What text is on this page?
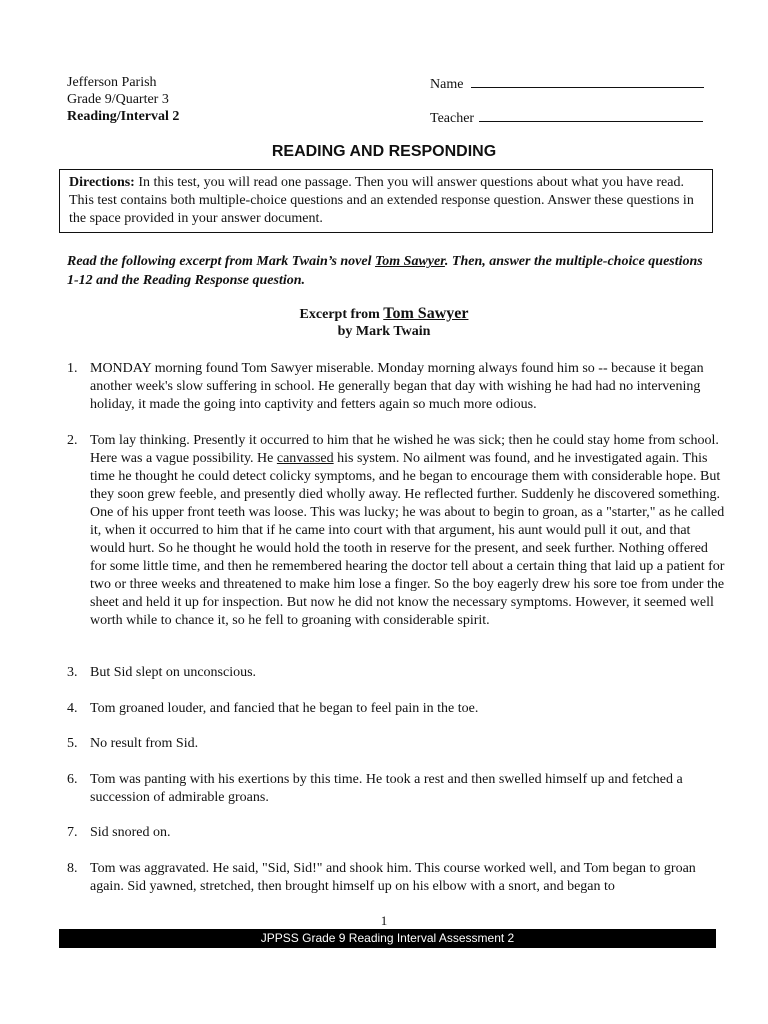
Jefferson Parish
Grade 9/Quarter 3
Reading/Interval 2
Name
Teacher
READING AND RESPONDING
Directions: In this test, you will read one passage. Then you will answer questions about what you have read. This test contains both multiple-choice questions and an extended response question. Answer these questions in the space provided in your answer document.
Read the following excerpt from Mark Twain’s novel Tom Sawyer. Then, answer the multiple-choice questions 1-12 and the Reading Response question.
Excerpt from Tom Sawyer
by Mark Twain
1. MONDAY morning found Tom Sawyer miserable. Monday morning always found him so -- because it began another week's slow suffering in school. He generally began that day with wishing he had had no intervening holiday, it made the going into captivity and fetters again so much more odious.
2. Tom lay thinking. Presently it occurred to him that he wished he was sick; then he could stay home from school. Here was a vague possibility. He canvassed his system. No ailment was found, and he investigated again. This time he thought he could detect colicky symptoms, and he began to encourage them with considerable hope. But they soon grew feeble, and presently died wholly away. He reflected further. Suddenly he discovered something. One of his upper front teeth was loose. This was lucky; he was about to begin to groan, as a "starter," as he called it, when it occurred to him that if he came into court with that argument, his aunt would pull it out, and that would hurt. So he thought he would hold the tooth in reserve for the present, and seek further. Nothing offered for some little time, and then he remembered hearing the doctor tell about a certain thing that laid up a patient for two or three weeks and threatened to make him lose a finger. So the boy eagerly drew his sore toe from under the sheet and held it up for inspection. But now he did not know the necessary symptoms. However, it seemed well worth while to chance it, so he fell to groaning with considerable spirit.
3. But Sid slept on unconscious.
4. Tom groaned louder, and fancied that he began to feel pain in the toe.
5. No result from Sid.
6. Tom was panting with his exertions by this time. He took a rest and then swelled himself up and fetched a succession of admirable groans.
7. Sid snored on.
8. Tom was aggravated. He said, "Sid, Sid!" and shook him. This course worked well, and Tom began to groan again. Sid yawned, stretched, then brought himself up on his elbow with a snort, and began to
1
JPPSS Grade 9 Reading Interval Assessment 2
